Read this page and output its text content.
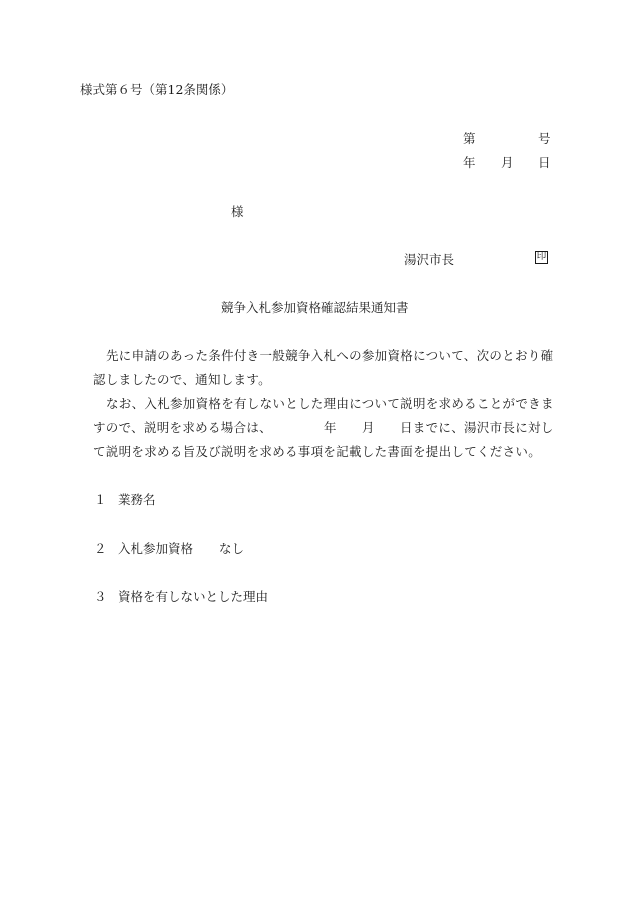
様式第６号（第12条関係）
第	号
年 月 日
様
湯沢市長	印
競争入札参加資格確認結果通知書
先に申請のあった条件付き一般競争入札への参加資格について、次のとおり確
認しましたので、通知します。
なお、入札参加資格を有しないとした理由について説明を求めることができま
すので、説明を求める場合は、	年 月 日までに、湯沢市長に対し
て説明を求める旨及び説明を求める事項を記載した書面を提出してください。
１ 業務名
２ 入札参加資格 なし
３ 資格を有しないとした理由
